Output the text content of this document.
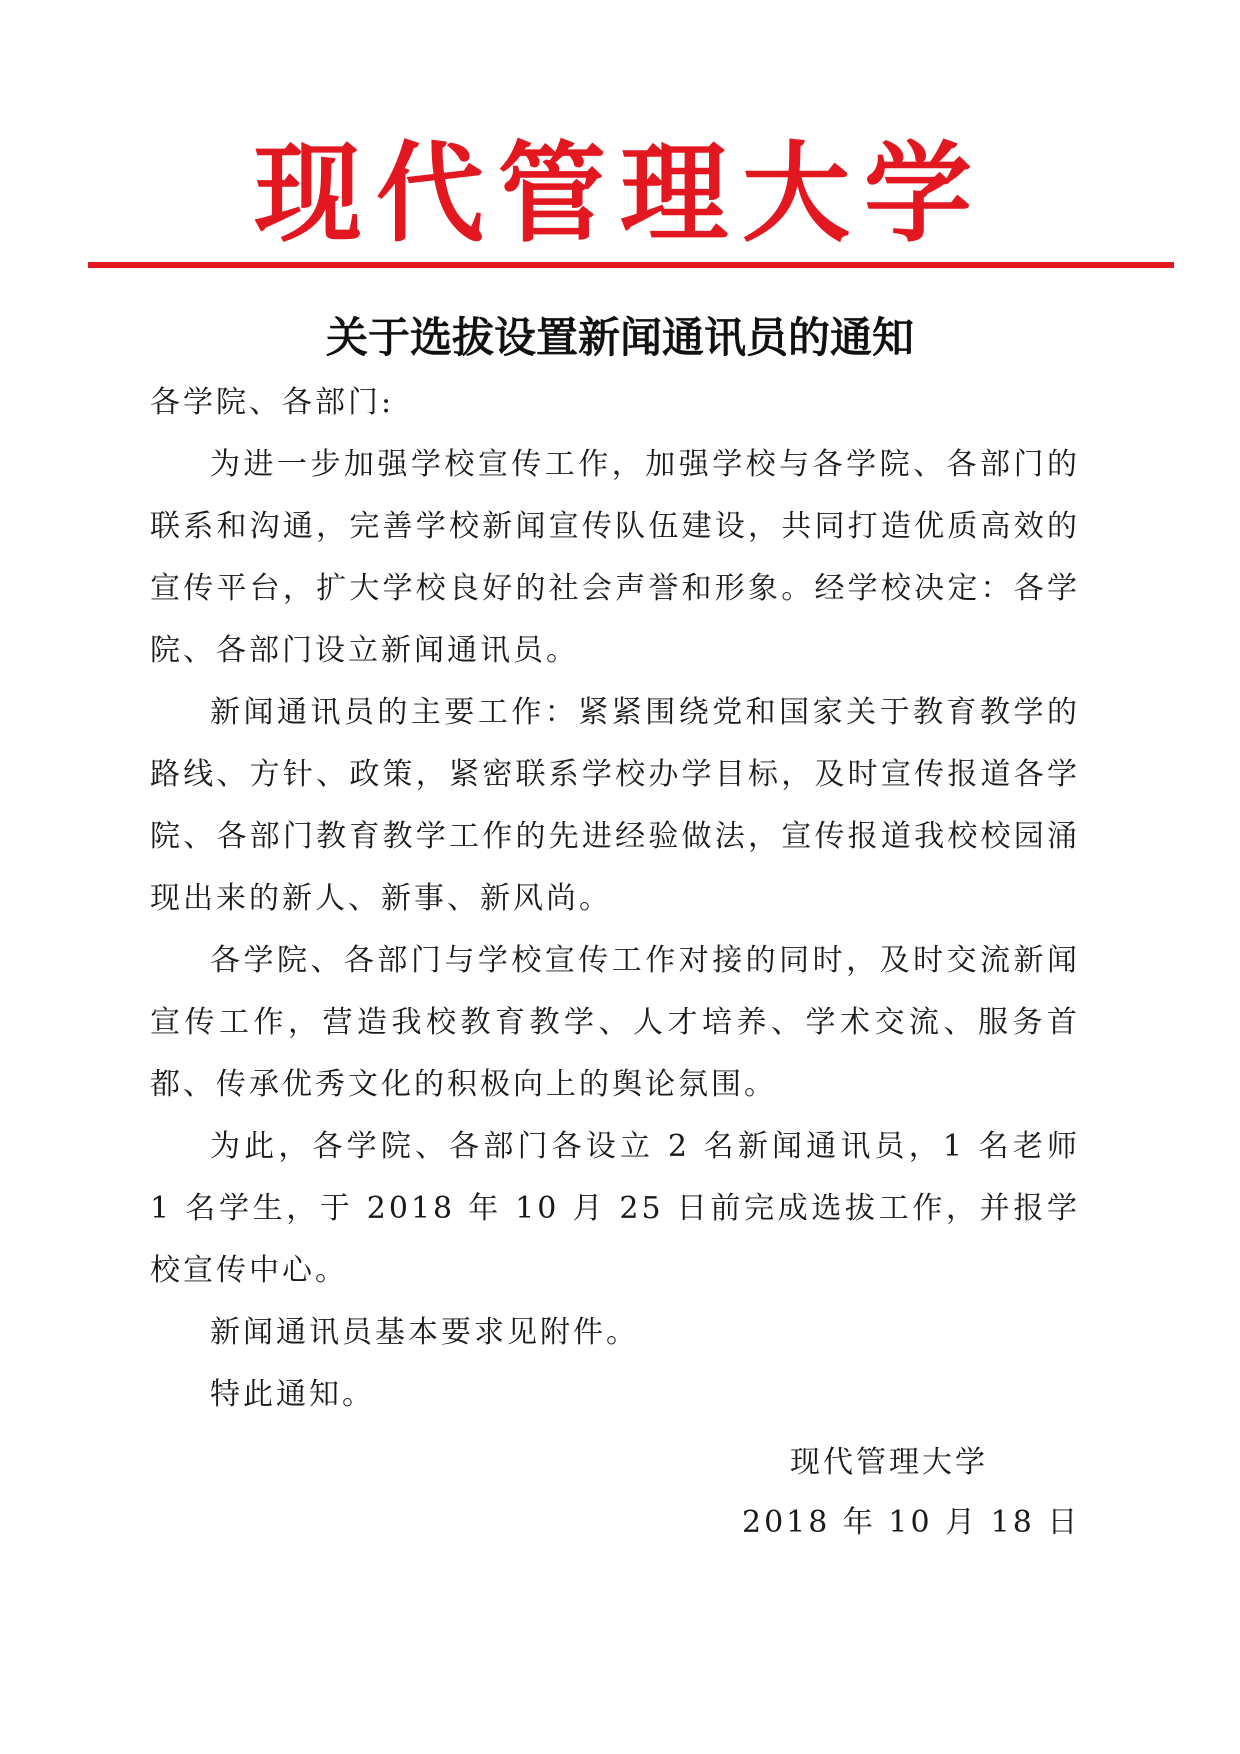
现代管理大学
关于选拔设置新闻通讯员的通知

各学院、各部门:

为进一步加强学校宣传工作，加强学校与各学院、各部门的联系和沟通，完善学校新闻宣传队伍建设，共同打造优质高效的宣传平台，扩大学校良好的社会声誉和形象。经学校决定：各学院、各部门设立新闻通讯员。

新闻通讯员的主要工作：紧紧围绕党和国家关于教育教学的路线、方针、政策，紧密联系学校办学目标，及时宣传报道各学院、各部门教育教学工作的先进经验做法，宣传报道我校校园涌现出来的新人、新事、新风尚。

各学院、各部门与学校宣传工作对接的同时，及时交流新闻宣传工作，营造我校教育教学、人才培养、学术交流、服务首都、传承优秀文化的积极向上的舆论氛围。

为此，各学院、各部门各设立 2 名新闻通讯员，1 名老师 1 名学生，于 2018 年 10 月 25 日前完成选拔工作，并报学校宣传中心。

新闻通讯员基本要求见附件。

特此通知。

现代管理大学
2018 年 10 月 18 日
